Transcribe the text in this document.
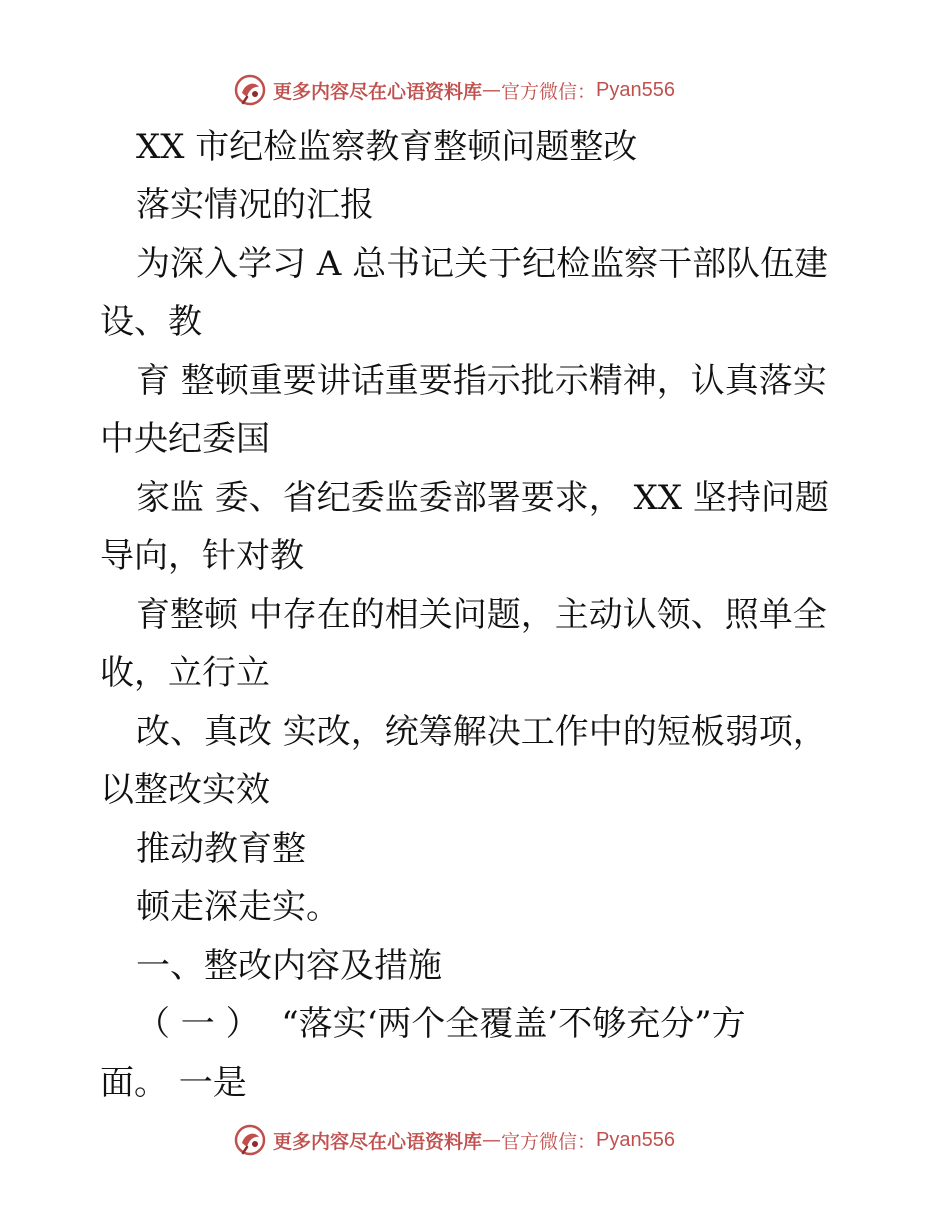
更多内容尽在心语资料库 — 官方微信： Pyan556
XX 市纪检监察教育整顿问题整改
落实情况的汇报
为深入学习 A 总书记关于纪检监察干部队伍建
设、教
育 整顿重要讲话重要指示批示精神，认真落实
中央纪委国
家监 委、省纪委监委部署要求， XX 坚持问题
导向，针对教
育整顿 中存在的相关问题，主动认领、照单全
收，立行立
改、真改 实改，统筹解决工作中的短板弱项，
以整改实效
推动教育整
顿走深走实。
一、整改内容及措施
（ 一 ）  “落实‘两个全覆盖’不够充分”方
面。 一是
更多内容尽在心语资料库 — 官方微信： Pyan556
